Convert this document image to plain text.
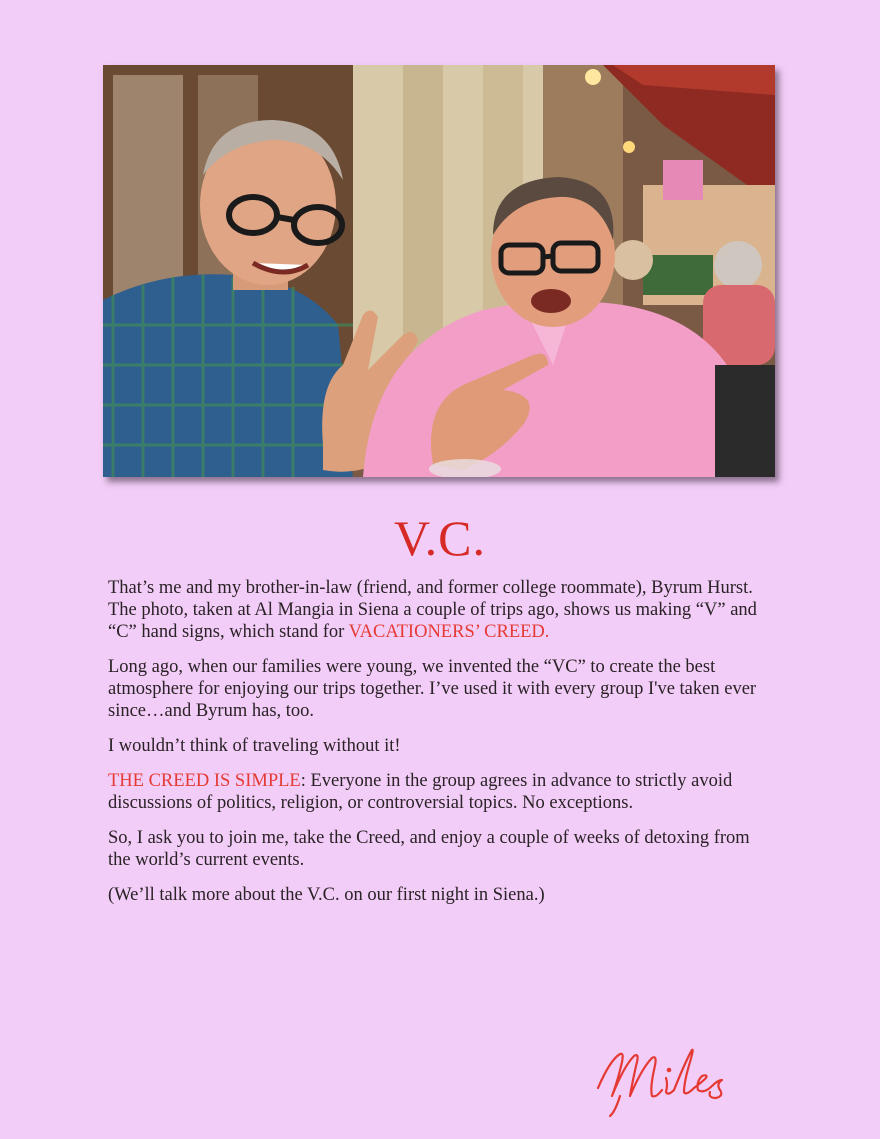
V.C.

That’s me and my brother-in-law (friend, and former college roommate), Byrum Hurst. The photo, taken at Al Mangia in Siena a couple of trips ago, shows us making “V” and “C” hand signs, which stand for VACATIONERS’ CREED.

Long ago, when our families were young, we invented the “VC” to create the best atmosphere for enjoying our trips together. I’ve used it with every group I've taken ever since…and Byrum has, too.

I wouldn’t think of traveling without it!

THE CREED IS SIMPLE: Everyone in the group agrees in advance to strictly avoid discussions of politics, religion, or controversial topics. No exceptions.

So, I ask you to join me, take the Creed, and enjoy a couple of weeks of detoxing from the world’s current events.

(We’ll talk more about the V.C. on our first night in Siena.)
